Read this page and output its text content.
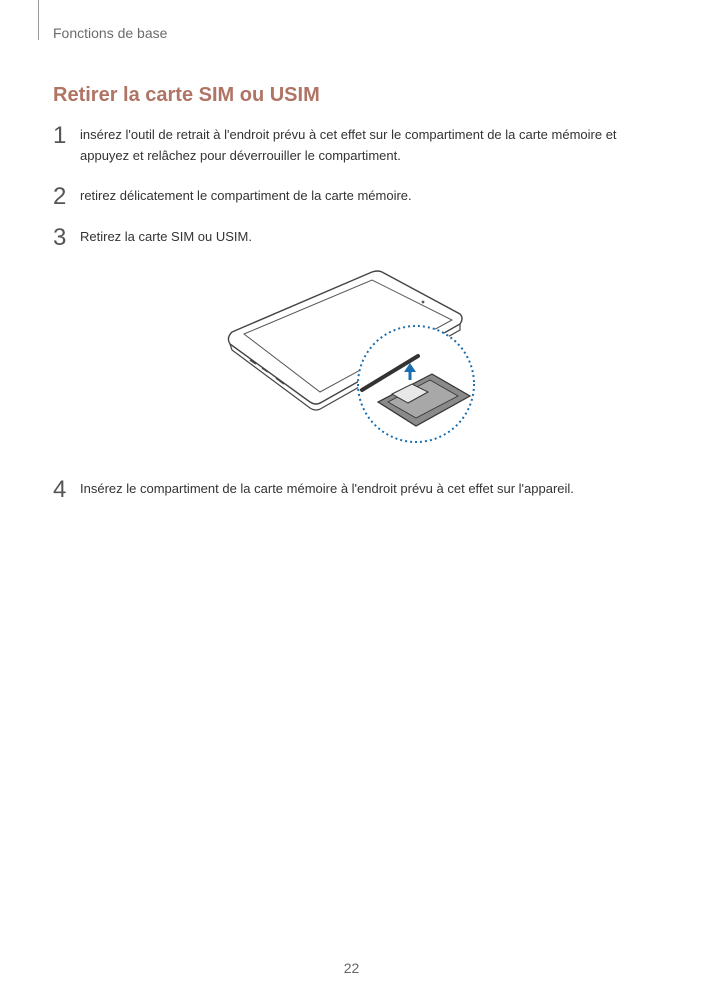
Fonctions de base
Retirer la carte SIM ou USIM
1	insérez l'outil de retrait à l'endroit prévu à cet effet sur le compartiment de la carte mémoire et appuyez et relâchez pour déverrouiller le compartiment.
2	retirez délicatement le compartiment de la carte mémoire.
3	Retirez la carte SIM ou USIM.
4	Insérez le compartiment de la carte mémoire à l'endroit prévu à cet effet sur l'appareil.
22
